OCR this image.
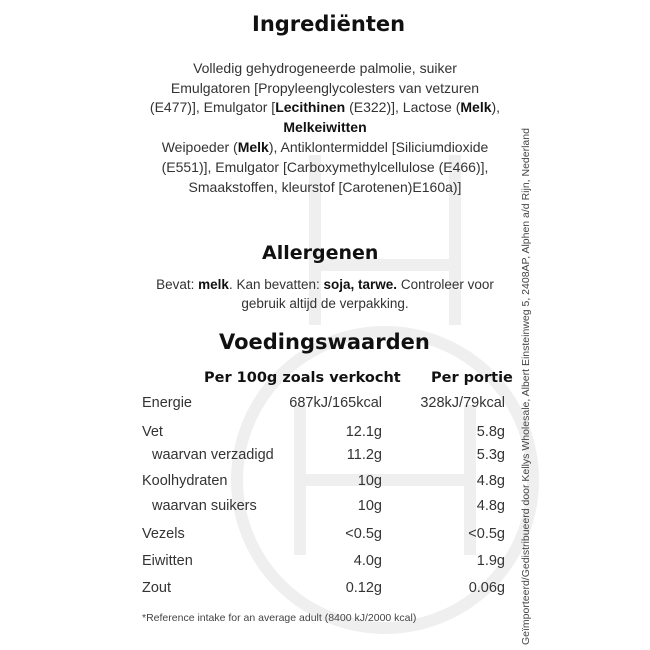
Ingrediënten
Volledig gehydrogeneerde palmolie, suiker
Emulgatoren [Propyleenglycolesters van vetzuren
(E477)], Emulgator [Lecithinen (E322)], Lactose (Melk),
Melkeiwitten
Weipoeder (Melk), Antiklontermiddel [Siliciumdioxide
(E551)], Emulgator [Carboxymethylcellulose (E466)],
Smaakstoffen, kleurstof [Carotenen)E160a)]
Allergenen
Bevat: melk. Kan bevatten: soja, tarwe. Controleer voor
gebruik altijd de verpakking.
Voedingswaarden
Per 100g zoals verkocht Per portie
Energie	687kJ/165kcal	328kJ/79kcal
Vet	12.1g	5.8g
waarvan verzadigd	11.2g	5.3g
Koolhydraten	10g	4.8g
waarvan suikers	10g	4.8g
Vezels	<0.5g	<0.5g
Eiwitten	4.0g	1.9g
Zout	0.12g	0.06g
*Reference intake for an average adult (8400 kJ/2000 kcal)	Geïmporteerd/Gedistribueerd door Kellys Wholesale, Albert Einsteinweg 5, 2408AP, Alphen a/d Rijn, Nederland
